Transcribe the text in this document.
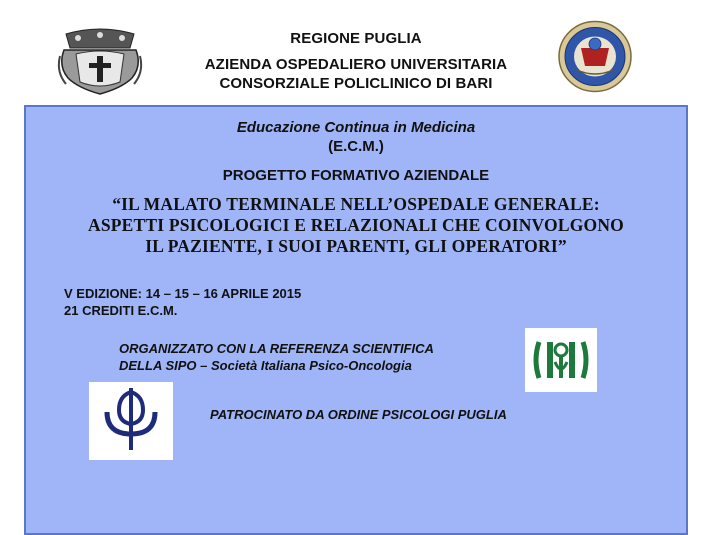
REGIONE PUGLIA
AZIENDA OSPEDALIERO UNIVERSITARIA
CONSORZIALE POLICLINICO DI BARI
Educazione Continua in Medicina
(E.C.M.)
PROGETTO FORMATIVO AZIENDALE
“IL MALATO TERMINALE NELL’OSPEDALE GENERALE:
ASPETTI PSICOLOGICI E RELAZIONALI CHE COINVOLGONO
IL PAZIENTE, I SUOI PARENTI, GLI OPERATORI”
V EDIZIONE: 14 – 15 – 16 APRILE 2015
21 CREDITI E.C.M.
ORGANIZZATO CON LA REFERENZA SCIENTIFICA
DELLA SIPO – Società Italiana Psico-Oncologia
PATROCINATO DA ORDINE PSICOLOGI PUGLIA
